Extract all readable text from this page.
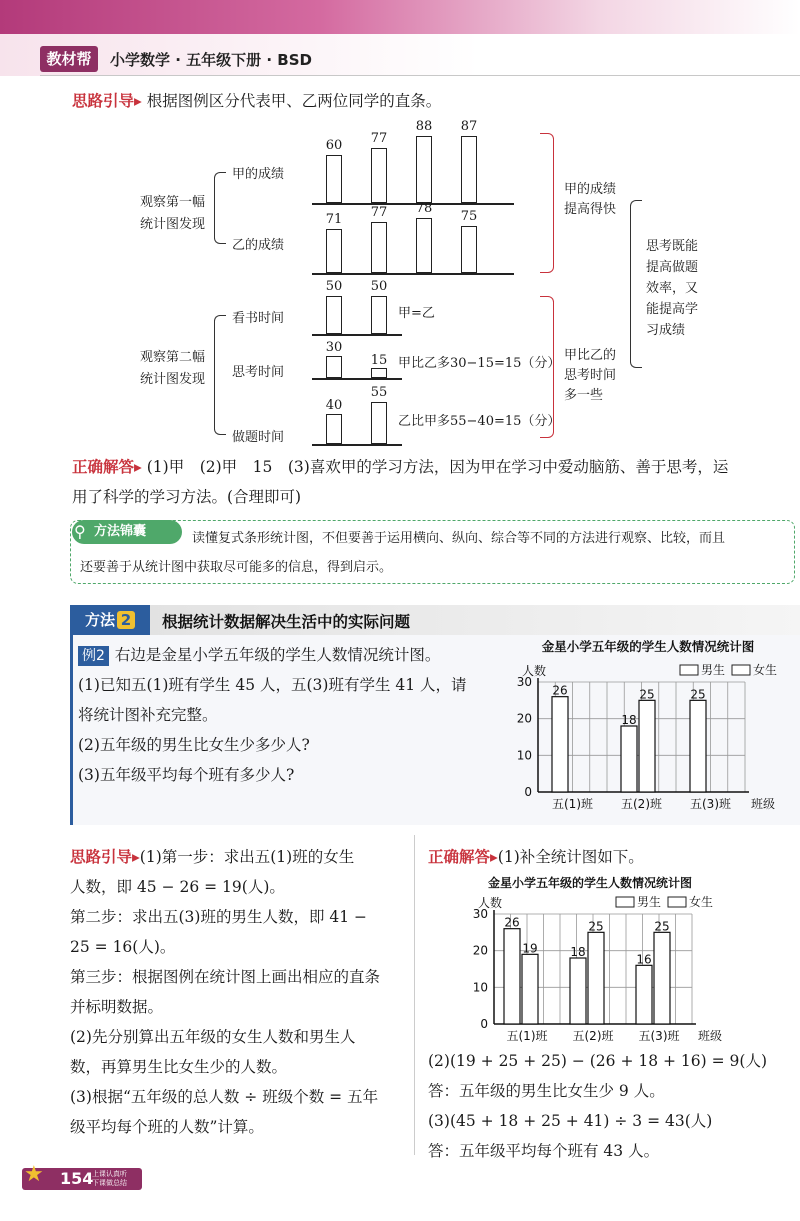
教材帮	小学数学 · 五年级下册 · BSD
思路引导▸ 根据图例区分代表甲、乙两位同学的直条。
观察第一幅
统计图发现
甲的成绩
乙的成绩
60	77
88	87
71	77	78
75
甲的成绩
提高得快
观察第二幅
统计图发现
看书时间
思考时间
做题时间
50	50
甲=乙
30
15 甲比乙多30−15=15（分）
40
55
乙比甲多55−40=15（分）
甲比乙的
思考时间
多一些
思考既能
提高做题
效率，又
能提高学
习成绩
正确解答▸ (1)甲　(2)甲　15　(3)喜欢甲的学习方法，因为甲在学习中爱动脑筋、善于思考，运
用了科学的学习方法。(合理即可)
方法锦囊
⚲	读懂复式条形统计图，不但要善于运用横向、纵向、综合等不同的方法进行观察、比较，而且
还要善于从统计图中获取尽可能多的信息，得到启示。
方法 2	根据统计数据解决生活中的实际问题
例2 右边是金星小学五年级的学生人数情况统计图。
(1)已知五(1)班有学生 45 人，五(3)班有学生 41 人，请
将统计图补充完整。
(2)五年级的男生比女生少多少人?
(3)五年级平均每个班有多少人?
金星小学五年级的学生人数情况统计图
人数	男生 女生
0
10
20
30
26
五(1)班
18
25
五(2)班
25
五(3)班 班级
思路引导▸(1)第一步：求出五(1)班的女生
人数，即 45 − 26 = 19(人)。
第二步：求出五(3)班的男生人数，即 41 −
25 = 16(人)。
第三步：根据图例在统计图上画出相应的直条
并标明数据。
(2)先分别算出五年级的女生人数和男生人
数，再算男生比女生少的人数。
(3)根据“五年级的总人数 ÷ 班级个数 = 五年
级平均每个班的人数”计算。
正确解答▸(1)补全统计图如下。
金星小学五年级的学生人数情况统计图
人数	男生 女生
0
10
20
30
26
19
五(1)班
18
25
五(2)班
16
25
五(3)班 班级
(2)(19 + 25 + 25) − (26 + 18 + 16) = 9(人)
答：五年级的男生比女生少 9 人。
(3)(45 + 18 + 25 + 41) ÷ 3 = 43(人)
答：五年级平均每个班有 43 人。
★ 154
上课认真听
下课做总结
